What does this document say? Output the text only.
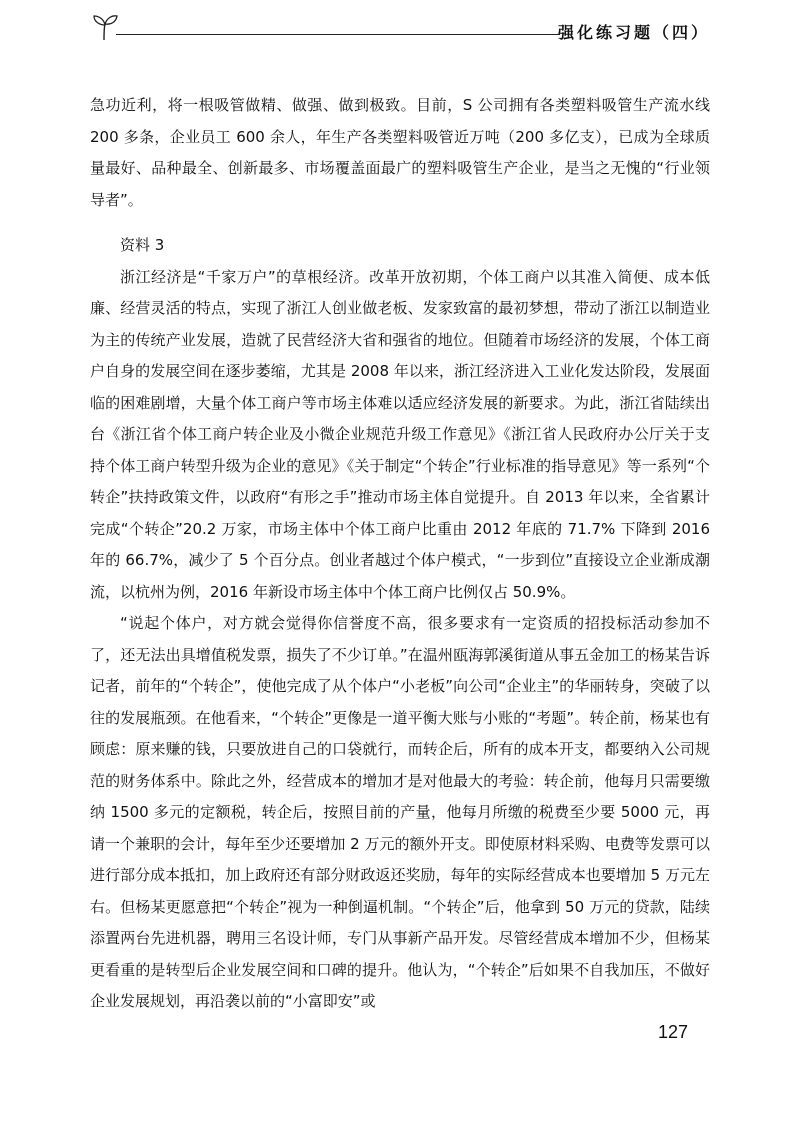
强化练习题（四）

急功近利，将一根吸管做精、做强、做到极致。目前，S 公司拥有各类塑料吸管生产流水线 200 多条，企业员工 600 余人，年生产各类塑料吸管近万吨（200 多亿支），已成为全球质量最好、品种最全、创新最多、市场覆盖面最广的塑料吸管生产企业，是当之无愧的“行业领导者”。

资料 3

浙江经济是“千家万户”的草根经济。改革开放初期，个体工商户以其准入简便、成本低廉、经营灵活的特点，实现了浙江人创业做老板、发家致富的最初梦想，带动了浙江以制造业为主的传统产业发展，造就了民营经济大省和强省的地位。但随着市场经济的发展，个体工商户自身的发展空间在逐步萎缩，尤其是 2008 年以来，浙江经济进入工业化发达阶段，发展面临的困难剧增，大量个体工商户等市场主体难以适应经济发展的新要求。为此，浙江省陆续出台《浙江省个体工商户转企业及小微企业规范升级工作意见》《浙江省人民政府办公厅关于支持个体工商户转型升级为企业的意见》《关于制定“个转企”行业标准的指导意见》等一系列“个转企”扶持政策文件，以政府“有形之手”推动市场主体自觉提升。自 2013 年以来，全省累计完成“个转企”20.2 万家，市场主体中个体工商户比重由 2012 年底的 71.7% 下降到 2016 年的 66.7%，减少了 5 个百分点。创业者越过个体户模式，“一步到位”直接设立企业渐成潮流，以杭州为例，2016 年新设市场主体中个体工商户比例仅占 50.9%。

“说起个体户，对方就会觉得你信誉度不高，很多要求有一定资质的招投标活动参加不了，还无法出具增值税发票，损失了不少订单。”在温州瓯海郭溪街道从事五金加工的杨某告诉记者，前年的“个转企”，使他完成了从个体户“小老板”向公司“企业主”的华丽转身，突破了以往的发展瓶颈。在他看来，“个转企”更像是一道平衡大账与小账的“考题”。转企前，杨某也有顾虑：原来赚的钱，只要放进自己的口袋就行，而转企后，所有的成本开支，都要纳入公司规范的财务体系中。除此之外，经营成本的增加才是对他最大的考验：转企前，他每月只需要缴纳 1500 多元的定额税，转企后，按照目前的产量，他每月所缴的税费至少要 5000 元，再请一个兼职的会计，每年至少还要增加 2 万元的额外开支。即使原材料采购、电费等发票可以进行部分成本抵扣，加上政府还有部分财政返还奖励，每年的实际经营成本也要增加 5 万元左右。但杨某更愿意把“个转企”视为一种倒逼机制。“个转企”后，他拿到 50 万元的贷款，陆续添置两台先进机器，聘用三名设计师，专门从事新产品开发。尽管经营成本增加不少，但杨某更看重的是转型后企业发展空间和口碑的提升。他认为，“个转企”后如果不自我加压，不做好企业发展规划，再沿袭以前的“小富即安”或

127
